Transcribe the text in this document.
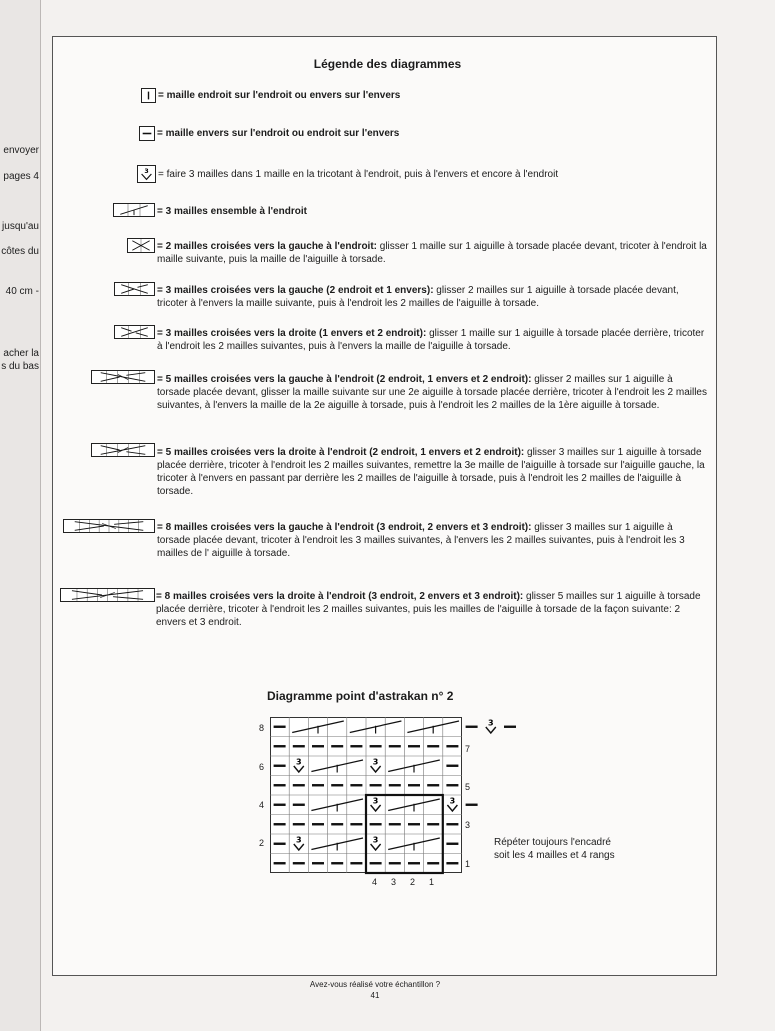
envoyer
pages 4
jusqu'au
côtes du
40 cm -
acher la
s du bas
Légende des diagrammes
3
= maille endroit sur l'endroit ou envers sur l'envers
= maille envers sur l'endroit ou endroit sur l'envers
= faire 3 mailles dans 1 maille en la tricotant à l'endroit, puis à l'envers et encore à l'endroit
= 3 mailles ensemble à l'endroit
= 2 mailles croisées vers la gauche à l'endroit: glisser 1 maille sur 1 aiguille à torsade placée devant, tricoter à l'endroit la maille suivante, puis la maille de l'aiguille à torsade.
= 3 mailles croisées vers la gauche (2 endroit et 1 envers): glisser 2 mailles sur 1 aiguille à torsade placée devant, tricoter à l'envers la maille suivante, puis à l'endroit les 2 mailles de l'aiguille à torsade.
= 3 mailles croisées vers la droite (1 envers et 2 endroit): glisser 1 maille sur 1 aiguille à torsade placée derrière, tricoter à l'endroit les 2 mailles suivantes, puis à l'envers la maille de l'aiguille à torsade.
= 5 mailles croisées vers la gauche à l'endroit (2 endroit, 1 envers et 2 endroit): glisser 2 mailles sur 1 aiguille à torsade placée devant, glisser la maille suivante sur une 2e aiguille à torsade placée derrière, tricoter à l'endroit les 2 mailles suivantes, à l'envers la maille de la 2e aiguille à torsade, puis à l'endroit les 2 mailles de la 1ère aiguille à torsade.
= 5 mailles croisées vers la droite à l'endroit (2 endroit, 1 envers et 2 endroit): glisser 3 mailles sur 1 aiguille à torsade placée derrière, tricoter à l'endroit les 2 mailles suivantes, remettre la 3e maille de l'aiguille à torsade sur l'aiguille gauche, la tricoter à l'envers en passant par derrière les 2 mailles de l'aiguille à torsade, puis à l'endroit les 2 mailles de l'aiguille à torsade.
= 8 mailles croisées vers la gauche à l'endroit (3 endroit, 2 envers et 3 endroit): glisser 3 mailles sur 1 aiguille à torsade placée devant, tricoter à l'endroit les 3 mailles suivantes, à l'envers les 2 mailles suivantes, puis à l'endroit les 3 mailles de l' aiguille à torsade.
= 8 mailles croisées vers la droite à l'endroit (3 endroit, 2 envers et 3 endroit): glisser 5 mailles sur 1 aiguille à torsade placée derrière, tricoter à l'endroit les 2 mailles suivantes, puis les mailles de l'aiguille à torsade de la façon suivante: 2 envers et 3 endroit.
Diagramme point d'astrakan n° 2
8
6
4
2
7
5
3
1
3
3	3
3	3
3	3
4 3 2 1
Répéter toujours l'encadré
soit les 4 mailles et 4 rangs
Avez-vous réalisé votre échantillon ?
41
